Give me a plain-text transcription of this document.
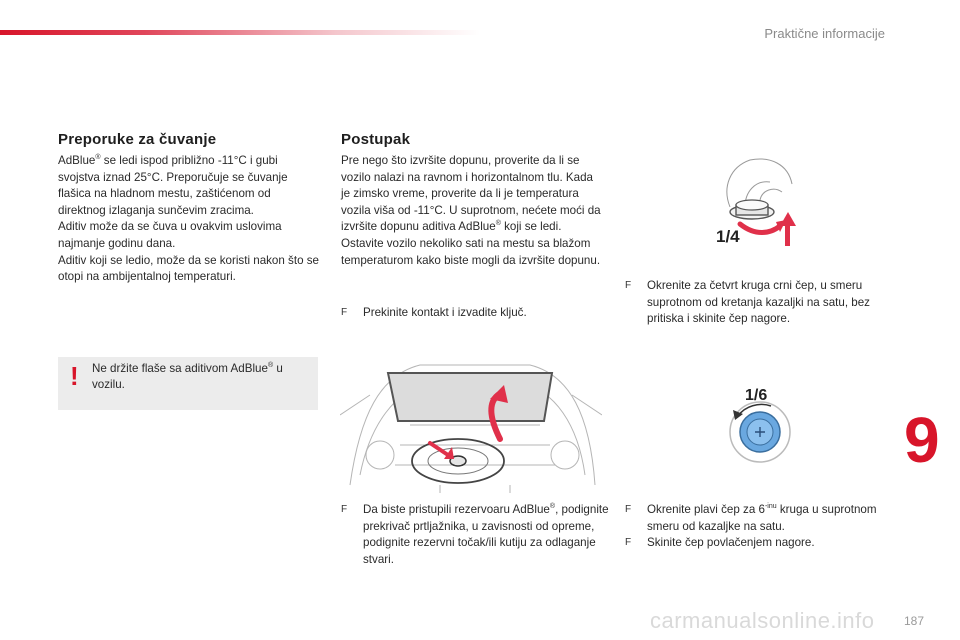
Praktične informacije
Preporuke za čuvanje

AdBlue® se ledi ispod približno -11°C i gubi svojstva iznad 25°C. Preporučuje se čuvanje flašica na hladnom mestu, zaštićenom od direktnog izlaganja sunčevim zracima.
Aditiv može da se čuva u ovakvim uslovima najmanje godinu dana.
Aditiv koji se ledio, može da se koristi nakon što se otopi na ambijentalnoj temperaturi.

! Ne držite flaše sa aditivom AdBlue® u vozilu.

Postupak

Pre nego što izvršite dopunu, proverite da li se vozilo nalazi na ravnom i horizontalnom tlu. Kada je zimsko vreme, proverite da li je temperatura vozila viša od -11°C. U suprotnom, nećete moći da izvršite dopunu aditiva AdBlue® koji se ledi. Ostavite vozilo nekoliko sati na mestu sa blažom temperaturom kako biste mogli da izvršite dopunu.

F Prekinite kontakt i izvadite ključ.

F Da biste pristupili rezervoaru AdBlue®, podignite prekrivač prtljažnika, u zavisnosti od opreme, podignite rezervni točak/ili kutiju za odlaganje stvari.

1/4

F Okrenite za četvrt kruga crni čep, u smeru suprotnom od kretanja kazaljki na satu, bez pritiska i skinite čep nagore.

1/6
F Okrenite plavi čep za $6^{-inu}$ kruga u suprotnom smeru od kazaljke na satu.
F Skinite čep povlačenjem nagore.
9
carmanualsonline.info 187
